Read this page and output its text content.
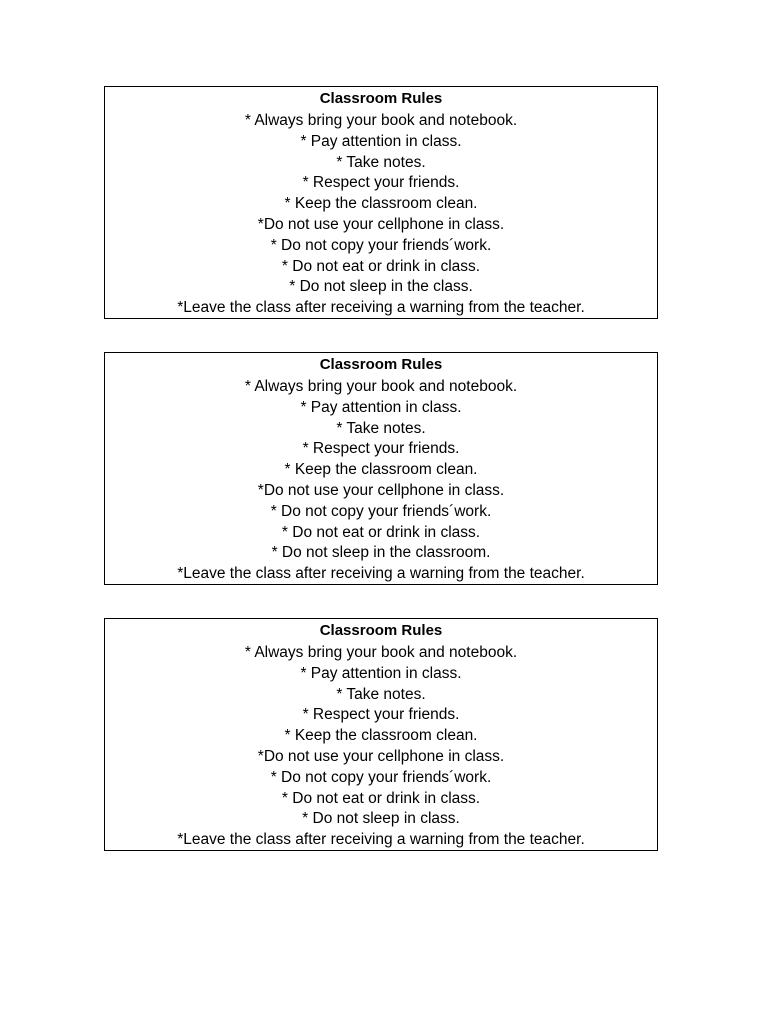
Classroom Rules

* Always bring your book and notebook.

* Pay attention in class.

* Take notes.

* Respect your friends.

* Keep the classroom clean.

*Do not use your cellphone in class.

* Do not copy your friends´work.

* Do not eat or drink in class.

* Do not sleep in the class.

*Leave the class after receiving a warning from the teacher.

Classroom Rules

* Always bring your book and notebook.

* Pay attention in class.

* Take notes.

* Respect your friends.

* Keep the classroom clean.

*Do not use your cellphone in class.

* Do not copy your friends´work.

* Do not eat or drink in class.

* Do not sleep in the classroom.

*Leave the class after receiving a warning from the teacher.

Classroom Rules

* Always bring your book and notebook.

* Pay attention in class.

* Take notes.

* Respect your friends.

* Keep the classroom clean.

*Do not use your cellphone in class.

* Do not copy your friends´work.

* Do not eat or drink in class.

* Do not sleep in class.

*Leave the class after receiving a warning from the teacher.
